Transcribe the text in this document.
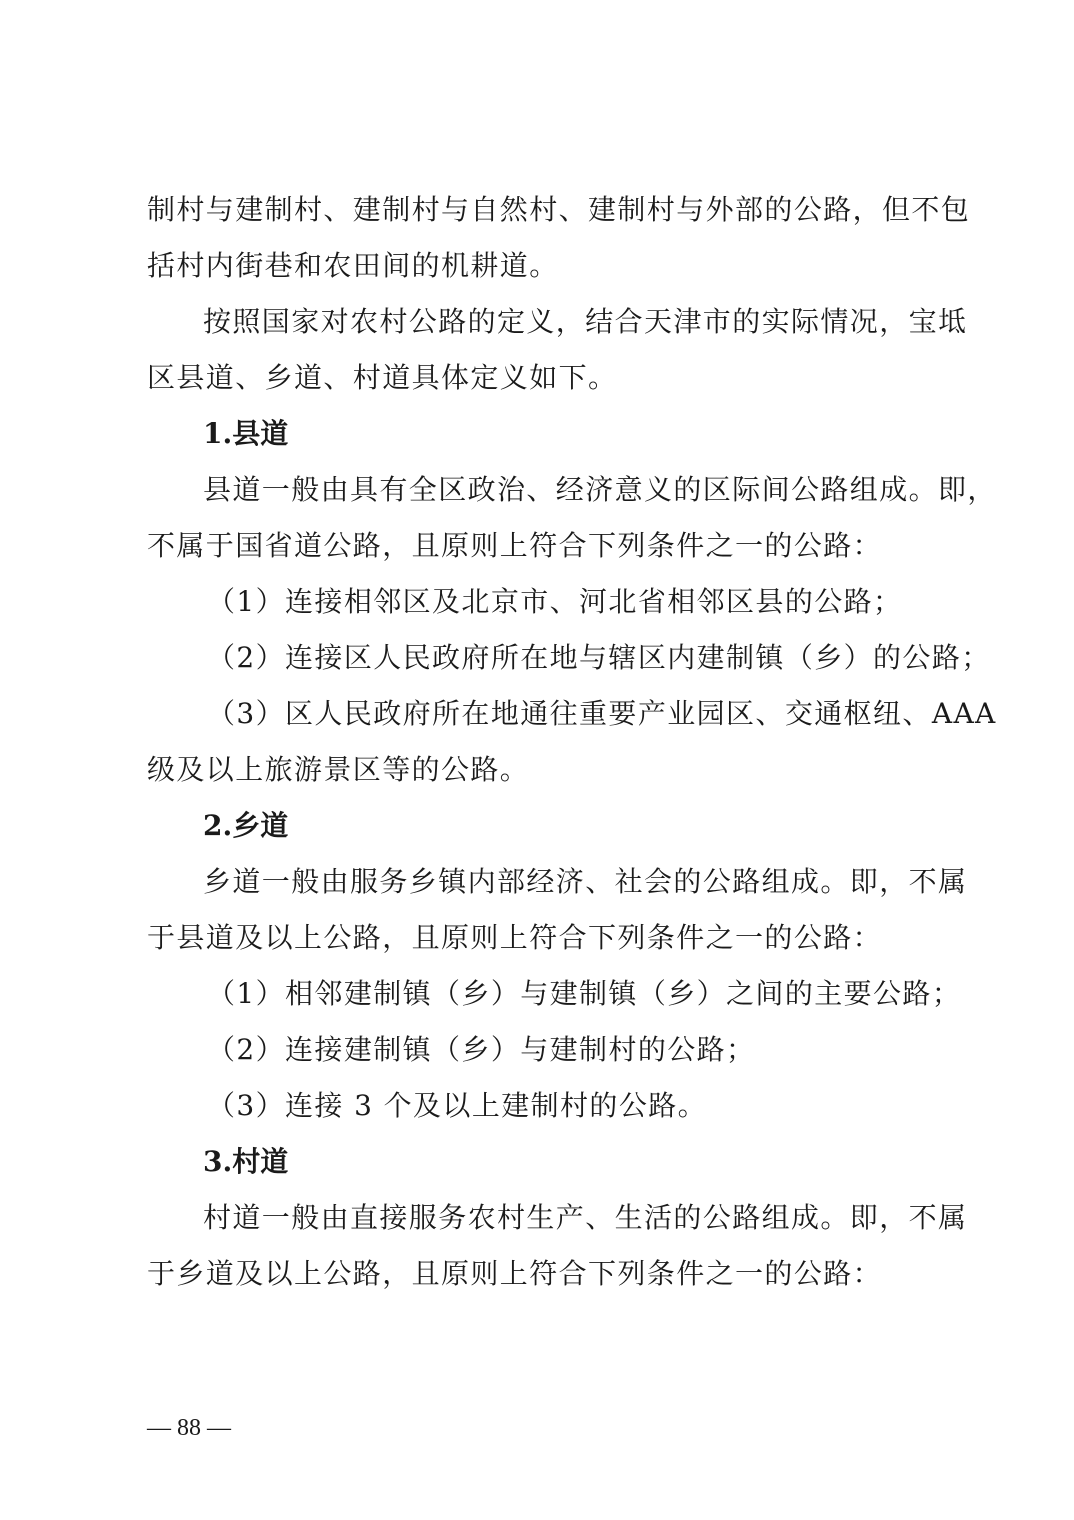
制村与建制村、建制村与自然村、建制村与外部的公路，但不包
括村内街巷和农田间的机耕道。
按照国家对农村公路的定义，结合天津市的实际情况，宝坻
区县道、乡道、村道具体定义如下。
1.县道
县道一般由具有全区政治、经济意义的区际间公路组成。即，
不属于国省道公路，且原则上符合下列条件之一的公路：
（1）连接相邻区及北京市、河北省相邻区县的公路；
（2）连接区人民政府所在地与辖区内建制镇（乡）的公路；
（3）区人民政府所在地通往重要产业园区、交通枢纽、AAA
级及以上旅游景区等的公路。
2.乡道
乡道一般由服务乡镇内部经济、社会的公路组成。即，不属
于县道及以上公路，且原则上符合下列条件之一的公路：
（1）相邻建制镇（乡）与建制镇（乡）之间的主要公路；
（2）连接建制镇（乡）与建制村的公路；
（3）连接 3 个及以上建制村的公路。
3.村道
村道一般由直接服务农村生产、生活的公路组成。即，不属
于乡道及以上公路，且原则上符合下列条件之一的公路：
— 88 —
